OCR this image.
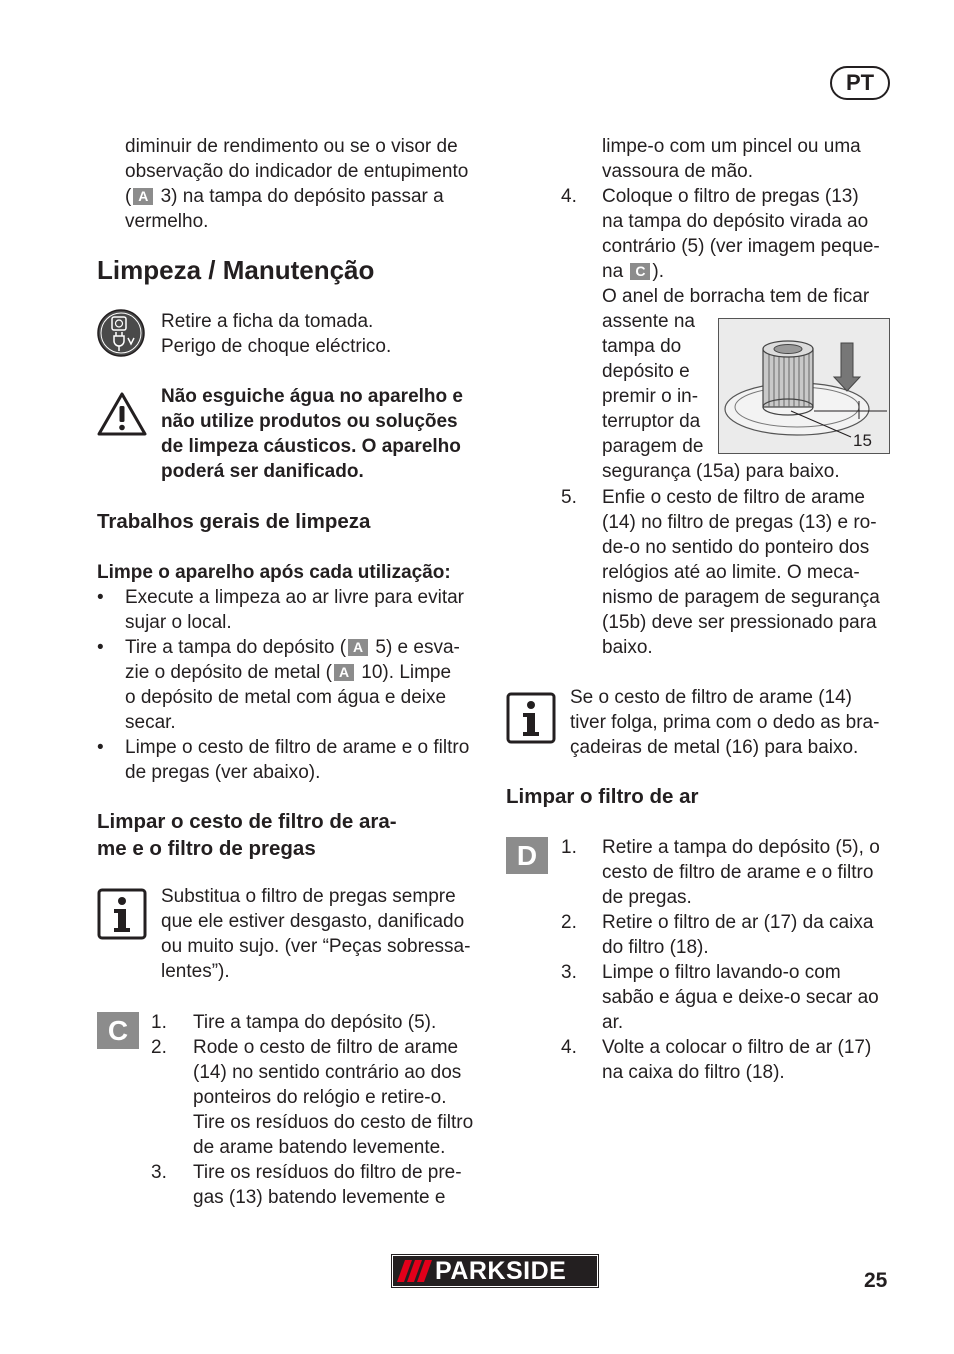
PT
diminuir de rendimento ou se o visor de
observação do indicador de entupimento
( A 3) na tampa do depósito passar a
vermelho.
Limpeza / Manutenção
Retire a ficha da tomada.
Perigo de choque eléctrico.
Não esguiche água no aparelho e
não utilize produtos ou soluções
de limpeza cáusticos. O aparelho
poderá ser danificado.
Trabalhos gerais de limpeza
Limpe o aparelho após cada utilização:
• Execute a limpeza ao ar livre para evitar
sujar o local.
• Tire a tampa do depósito ( A 5) e esva-
zie o depósito de metal ( A 10). Limpe
o depósito de metal com água e deixe
secar.
• Limpe o cesto de filtro de arame e o filtro
de pregas (ver abaixo).
Limpar o cesto de filtro de ara-
me e o filtro de pregas
Substitua o filtro de pregas sempre
que ele estiver desgasto, danificado
ou muito sujo. (ver “Peças sobressa-
lentes”).
C	1. Tire a tampa do depósito (5).
2. Rode o cesto de filtro de arame
(14) no sentido contrário ao dos
ponteiros do relógio e retire-o.
Tire os resíduos do cesto de filtro
de arame batendo levemente.
3. Tire os resíduos do filtro de pre-
gas (13) batendo levemente e
limpe-o com um pincel ou uma
vassoura de mão.
4. Coloque o filtro de pregas (13)
na tampa do depósito virada ao
contrário (5) (ver imagem peque-
na C ).
O anel de borracha tem de ficar
assente na
tampa do
depósito e
premir o in-
terruptor da
paragem de
segurança (15a) para baixo.
15
5. Enfie o cesto de filtro de arame
(14) no filtro de pregas (13) e ro-
de-o no sentido do ponteiro dos
relógios até ao limite. O meca-
nismo de paragem de segurança
(15b) deve ser pressionado para
baixo.
Se o cesto de filtro de arame (14)
tiver folga, prima com o dedo as bra-
çadeiras de metal (16) para baixo.
Limpar o filtro de ar
D	1. Retire a tampa do depósito (5), o
cesto de filtro de arame e o filtro
de pregas.
2. Retire o filtro de ar (17) da caixa
do filtro (18).
3. Limpe o filtro lavando-o com
sabão e água e deixe-o secar ao
ar.
4. Volte a colocar o filtro de ar (17)
na caixa do filtro (18).
PARKSIDE	25
